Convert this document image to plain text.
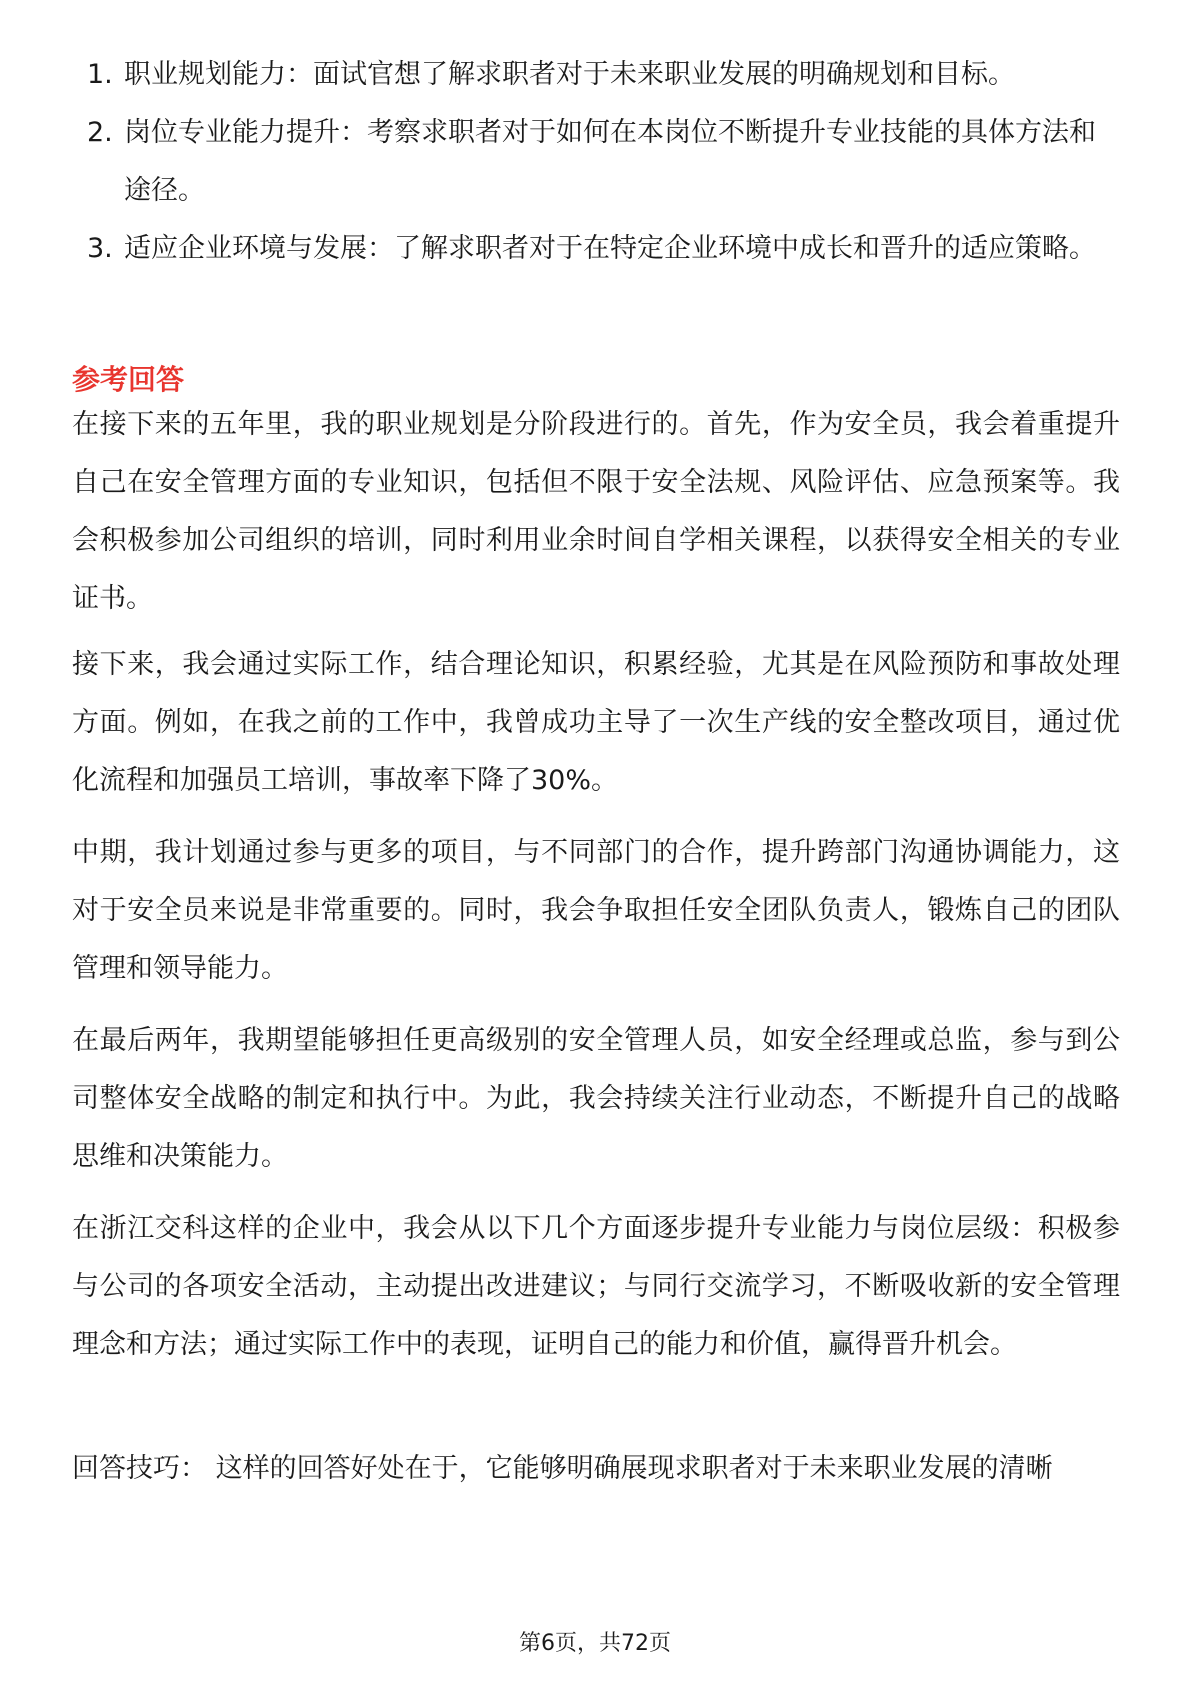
1. 职业规划能力：面试官想了解求职者对于未来职业发展的明确规划和目标。
2. 岗位专业能力提升：考察求职者对于如何在本岗位不断提升专业技能的具体方法和途径。
3. 适应企业环境与发展：了解求职者对于在特定企业环境中成长和晋升的适应策略。
参考回答

在接下来的五年里，我的职业规划是分阶段进行的。首先，作为安全员，我会着重提升自己在安全管理方面的专业知识，包括但不限于安全法规、风险评估、应急预案等。我会积极参加公司组织的培训，同时利用业余时间自学相关课程，以获得安全相关的专业证书。

接下来，我会通过实际工作，结合理论知识，积累经验，尤其是在风险预防和事故处理方面。例如，在我之前的工作中，我曾成功主导了一次生产线的安全整改项目，通过优化流程和加强员工培训，事故率下降了30%。

中期，我计划通过参与更多的项目，与不同部门的合作，提升跨部门沟通协调能力，这对于安全员来说是非常重要的。同时，我会争取担任安全团队负责人，锻炼自己的团队管理和领导能力。

在最后两年，我期望能够担任更高级别的安全管理人员，如安全经理或总监，参与到公司整体安全战略的制定和执行中。为此，我会持续关注行业动态，不断提升自己的战略思维和决策能力。

在浙江交科这样的企业中，我会从以下几个方面逐步提升专业能力与岗位层级：积极参与公司的各项安全活动，主动提出改进建议；与同行交流学习，不断吸收新的安全管理理念和方法；通过实际工作中的表现，证明自己的能力和价值，赢得晋升机会。

回答技巧： 这样的回答好处在于，它能够明确展现求职者对于未来职业发展的清晰

第6页，共72页
